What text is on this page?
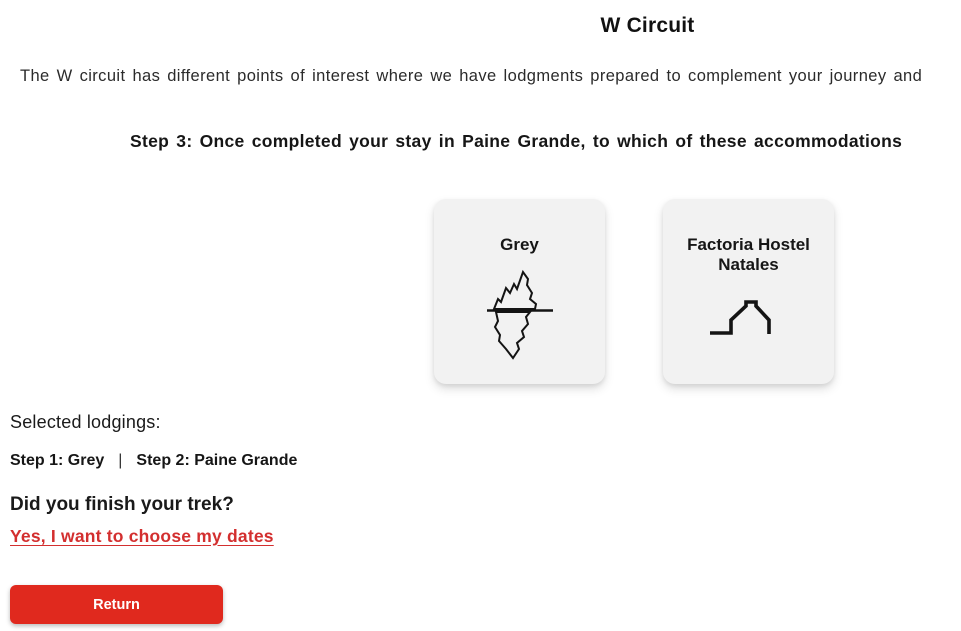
W Circuit

The W circuit has different points of interest where we have lodgments prepared to complement your journey and

Step 3: Once completed your stay in Paine Grande, to which of these accommodations
Grey	Factoria Hostel Natales
Selected lodgings:
Step 1: Grey | Step 2: Paine Grande
Did you finish your trek?
Yes, I want to choose my dates
Return
